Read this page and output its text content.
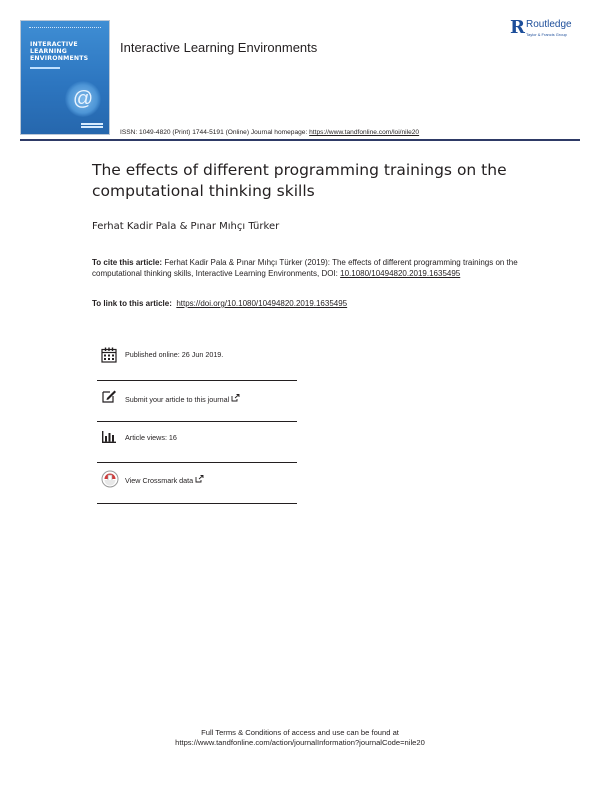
INTERACTIVE LEARNING ENVIRONMENTS
@
Interactive Learning Environments
R Routledge
Taylor & Francis Group
ISSN: 1049-4820 (Print) 1744-5191 (Online) Journal homepage: https://www.tandfonline.com/loi/nile20
The effects of different programming trainings on the computational thinking skills
Ferhat Kadir Pala & Pınar Mıhçı Türker
To cite this article: Ferhat Kadir Pala & Pınar Mıhçı Türker (2019): The effects of different programming trainings on the computational thinking skills, Interactive Learning Environments, DOI: 10.1080/10494820.2019.1635495
To link to this article: https://doi.org/10.1080/10494820.2019.1635495
Published online: 26 Jun 2019.
Submit your article to this journal
Article views: 16
View Crossmark data
Full Terms & Conditions of access and use can be found at
https://www.tandfonline.com/action/journalInformation?journalCode=nile20
